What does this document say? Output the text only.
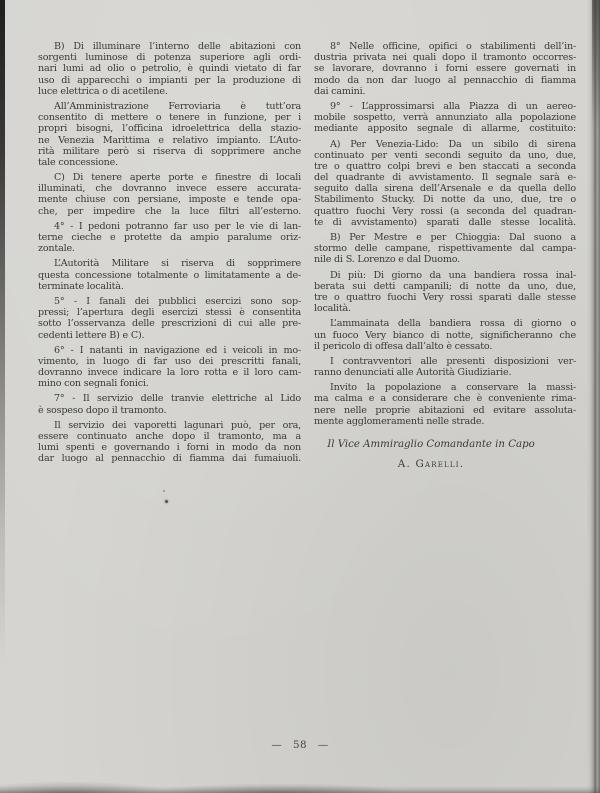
B) Di illuminare l’interno delle abitazioni con
sorgenti luminose di potenza superiore agli ordi-
nari lumi ad olio o petrolio, è quindi vietato di far
uso di apparecchi o impianti per la produzione di
luce elettrica o di acetilene.
All’Amministrazione Ferroviaria è tutt’ora
consentito di mettere o tenere in funzione, per i
propri bisogni, l’officina idroelettrica della stazio-
ne Venezia Marittima e relativo impianto. L’Auto-
rità militare però si riserva di sopprimere anche
tale concessione.
C) Di tenere aperte porte e finestre di locali
illuminati, che dovranno invece essere accurata-
mente chiuse con persiane, imposte e tende opa-
che, per impedire che la luce filtri all’esterno.
4° - I pedoni potranno far uso per le vie di lan-
terne cieche e protette da ampio paralume oriz-
zontale.
L’Autorità Militare si riserva di sopprimere
questa concessione totalmente o limitatamente a de-
terminate località.
5° - I fanali dei pubblici esercizi sono sop-
pressi; l’apertura degli esercizi stessi è consentita
sotto l’osservanza delle prescrizioni di cui alle pre-
cedenti lettere B) e C).
6° - I natanti in navigazione ed i veicoli in mo-
vimento, in luogo di far uso dei prescritti fanali,
dovranno invece indicare la loro rotta e il loro cam-
mino con segnali fonici.
7° - Il servizio delle tranvie elettriche al Lido
è sospeso dopo il tramonto.
Il servizio dei vaporetti lagunari può, per ora,
essere continuato anche dopo il tramonto, ma a
lumi spenti e governando i forni in modo da non
dar luogo al pennacchio di fiamma dai fumaiuoli.
8° Nelle officine, opifici o stabilimenti dell’in-
dustria privata nei quali dopo il tramonto occorres-
se lavorare, dovranno i forni essere governati in
modo da non dar luogo al pennacchio di fiamma
dai camini.
9° - L’approssimarsi alla Piazza di un aereo-
mobile sospetto, verrà annunziato alla popolazione
mediante apposito segnale di allarme, costituito:
A) Per Venezia-Lido: Da un sibilo di sirena
continuato per venti secondi seguito da uno, due,
tre o quattro colpi brevi e ben staccati a seconda
del quadrante di avvistamento. Il segnale sarà e-
seguito dalla sirena dell’Arsenale e da quella dello
Stabilimento Stucky. Di notte da uno, due, tre o
quattro fuochi Very rossi (a seconda del quadran-
te di avvistamento) sparati dalle stesse località.
B) Per Mestre e per Chioggia: Dal suono a
stormo delle campane, rispettivamente dal campa-
nile di S. Lorenzo e dal Duomo.
Di più: Di giorno da una bandiera rossa inal-
berata sui detti campanili; di notte da uno, due,
tre o quattro fuochi Very rossi sparati dalle stesse
località.
L’ammainata della bandiera rossa di giorno o
un fuoco Very bianco di notte, significheranno che
il pericolo di offesa dall’alto è cessato.
I contravventori alle presenti disposizioni ver-
ranno denunciati alle Autorità Giudiziarie.
Invito la popolazione a conservare la massi-
ma calma e a considerare che è conveniente rima-
nere nelle proprie abitazioni ed evitare assoluta-
mente agglomeramenti nelle strade.
Il Vice Ammiraglio Comandante in Capo
A. Garelli.
— 58 —
